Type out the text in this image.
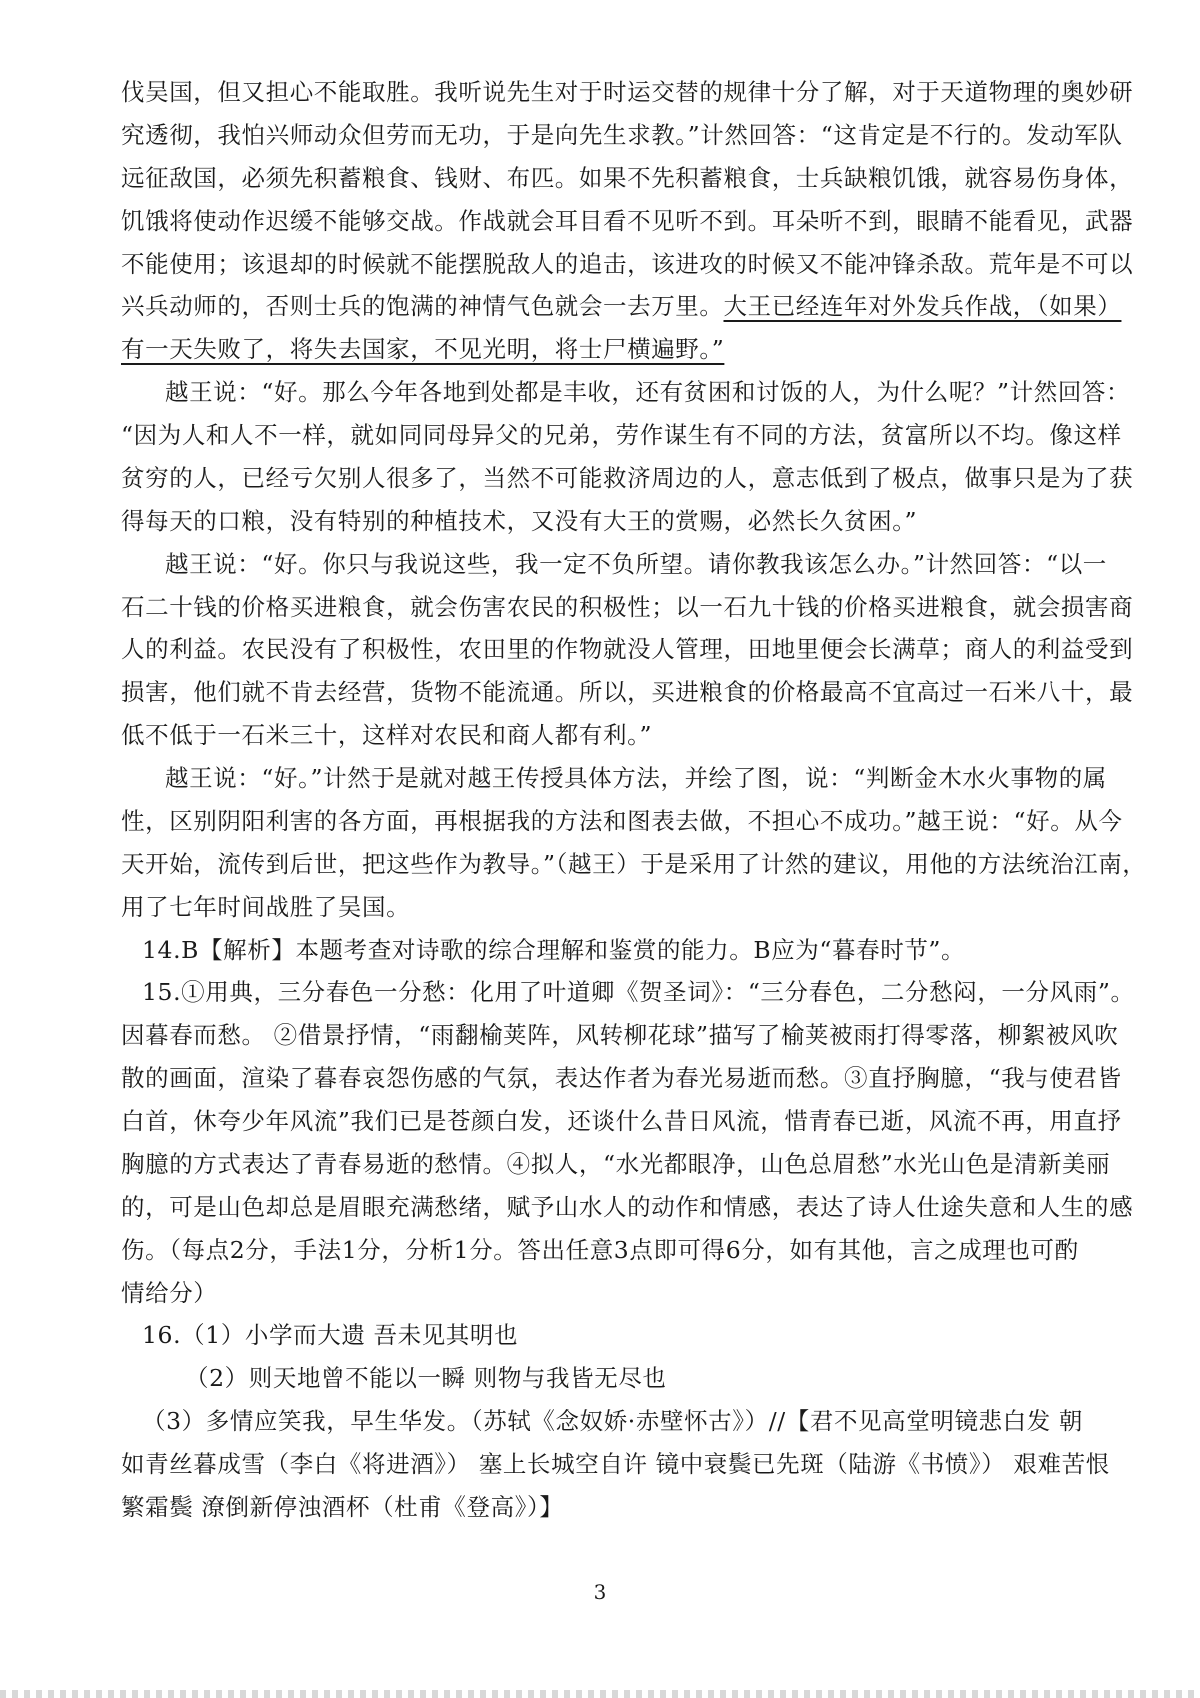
伐吴国，但又担心不能取胜。我听说先生对于时运交替的规律十分了解，对于天道物理的奥妙研
究透彻，我怕兴师动众但劳而无功，于是向先生求教。”计然回答：“这肯定是不行的。发动军队
远征敌国，必须先积蓄粮食、钱财、布匹。如果不先积蓄粮食，士兵缺粮饥饿，就容易伤身体，
饥饿将使动作迟缓不能够交战。作战就会耳目看不见听不到。耳朵听不到，眼睛不能看见，武器
不能使用；该退却的时候就不能摆脱敌人的追击，该进攻的时候又不能冲锋杀敌。荒年是不可以
兴兵动师的，否则士兵的饱满的神情气色就会一去万里。大王已经连年对外发兵作战，（如果）
有一天失败了，将失去国家，不见光明，将士尸横遍野。”
越王说：“好。那么今年各地到处都是丰收，还有贫困和讨饭的人，为什么呢？”计然回答：
“因为人和人不一样，就如同同母异父的兄弟，劳作谋生有不同的方法，贫富所以不均。像这样
贫穷的人，已经亏欠别人很多了，当然不可能救济周边的人，意志低到了极点，做事只是为了获
得每天的口粮，没有特别的种植技术，又没有大王的赏赐，必然长久贫困。”
越王说：“好。你只与我说这些，我一定不负所望。请你教我该怎么办。”计然回答：“以一
石二十钱的价格买进粮食，就会伤害农民的积极性；以一石九十钱的价格买进粮食，就会损害商
人的利益。农民没有了积极性，农田里的作物就没人管理，田地里便会长满草；商人的利益受到
损害，他们就不肯去经营，货物不能流通。所以，买进粮食的价格最高不宜高过一石米八十，最
低不低于一石米三十，这样对农民和商人都有利。”
越王说：“好。”计然于是就对越王传授具体方法，并绘了图，说：“判断金木水火事物的属
性，区别阴阳利害的各方面，再根据我的方法和图表去做，不担心不成功。”越王说：“好。从今
天开始，流传到后世，把这些作为教导。”（越王）于是采用了计然的建议，用他的方法统治江南，
用了七年时间战胜了吴国。
14.B【解析】本题考查对诗歌的综合理解和鉴赏的能力。B应为“暮春时节”。
15.①用典，三分春色一分愁：化用了叶道卿《贺圣词》：“三分春色，二分愁闷，一分风雨”。
因暮春而愁。 ②借景抒情，“雨翻榆荚阵，风转柳花球”描写了榆荚被雨打得零落，柳絮被风吹
散的画面，渲染了暮春哀怨伤感的气氛，表达作者为春光易逝而愁。③直抒胸臆，“我与使君皆
白首，休夸少年风流”我们已是苍颜白发，还谈什么昔日风流，惜青春已逝，风流不再，用直抒
胸臆的方式表达了青春易逝的愁情。④拟人，“水光都眼净，山色总眉愁”水光山色是清新美丽
的，可是山色却总是眉眼充满愁绪，赋予山水人的动作和情感，表达了诗人仕途失意和人生的感
伤。（每点2分，手法1分，分析1分。答出任意3点即可得6分，如有其他，言之成理也可酌
情给分）
16.（1）小学而大遗 吾未见其明也
（2）则天地曾不能以一瞬 则物与我皆无尽也
（3）多情应笑我，早生华发。（苏轼《念奴娇·赤壁怀古》）//【君不见高堂明镜悲白发 朝
如青丝暮成雪（李白《将进酒》） 塞上长城空自许 镜中衰鬓已先斑（陆游《书愤》） 艰难苦恨
繁霜鬓 潦倒新停浊酒杯（杜甫《登高》）】
3
